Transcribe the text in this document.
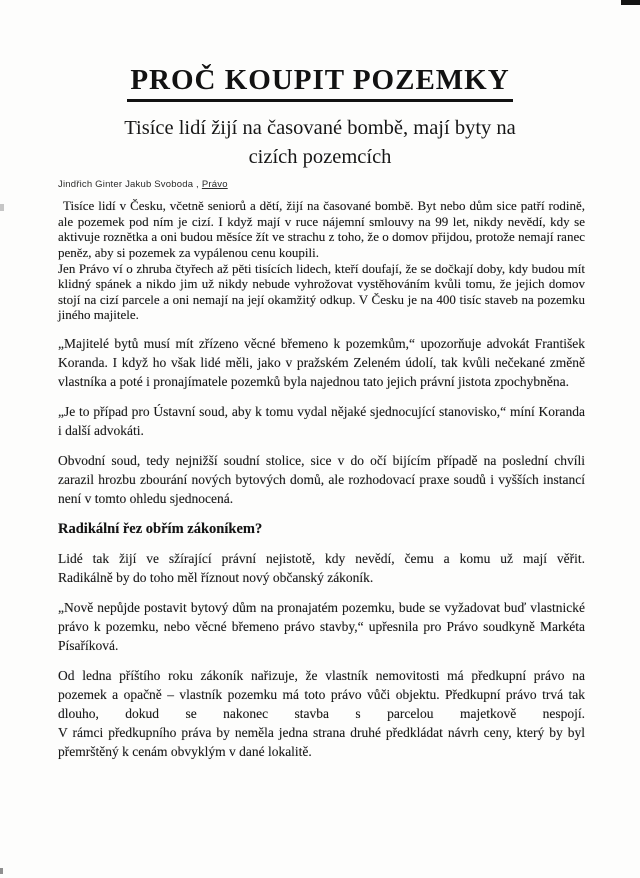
PROČ KOUPIT POZEMKY
Tisíce lidí žijí na časované bombě, mají byty na cizích pozemcích
Jindřich Ginter Jakub Svoboda , Právo

Tisíce lidí v Česku, včetně seniorů a dětí, žijí na časované bombě. Byt nebo dům sice patří rodině, ale pozemek pod ním je cizí. I když mají v ruce nájemní smlouvy na 99 let, nikdy nevědí, kdy se aktivuje roznětka a oni budou měsíce žít ve strachu z toho, že o domov přijdou, protože nemají ranec peněz, aby si pozemek za vypálenou cenu koupili.

Jen Právo ví o zhruba čtyřech až pěti tisících lidech, kteří doufají, že se dočkají doby, kdy budou mít klidný spánek a nikdo jim už nikdy nebude vyhrožovat vystěhováním kvůli tomu, že jejich domov stojí na cizí parcele a oni nemají na její okamžitý odkup. V Česku je na 400 tisíc staveb na pozemku jiného majitele.

„Majitelé bytů musí mít zřízeno věcné břemeno k pozemkům,“ upozorňuje advokát František Koranda. I když ho však lidé měli, jako v pražském Zeleném údolí, tak kvůli nečekané změně vlastníka a poté i pronajímatele pozemků byla najednou tato jejich právní jistota zpochybněna.

„Je to případ pro Ústavní soud, aby k tomu vydal nějaké sjednocující stanovisko,“ míní Koranda i další advokáti.

Obvodní soud, tedy nejnižší soudní stolice, sice v do očí bijícím případě na poslední chvíli zarazil hrozbu zbourání nových bytových domů, ale rozhodovací praxe soudů i vyšších instancí není v tomto ohledu sjednocená.

Radikální řez obřím zákoníkem?

Lidé tak žijí ve sžírající právní nejistotě, kdy nevědí, čemu a komu už mají věřit.

Radikálně by do toho měl říznout nový občanský zákoník.

„Nově nepůjde postavit bytový dům na pronajatém pozemku, bude se vyžadovat buď vlastnické právo k pozemku, nebo věcné břemeno právo stavby,“ upřesnila pro Právo soudkyně Markéta Písaříková.

Od ledna příštího roku zákoník nařizuje, že vlastník nemovitosti má předkupní právo na pozemek a opačně – vlastník pozemku má toto právo vůči objektu. Předkupní právo trvá tak dlouho, dokud se nakonec stavba s parcelou majetkově nespojí.

V rámci předkupního práva by neměla jedna strana druhé předkládat návrh ceny, který by byl přemrštěný k cenám obvyklým v dané lokalitě.
